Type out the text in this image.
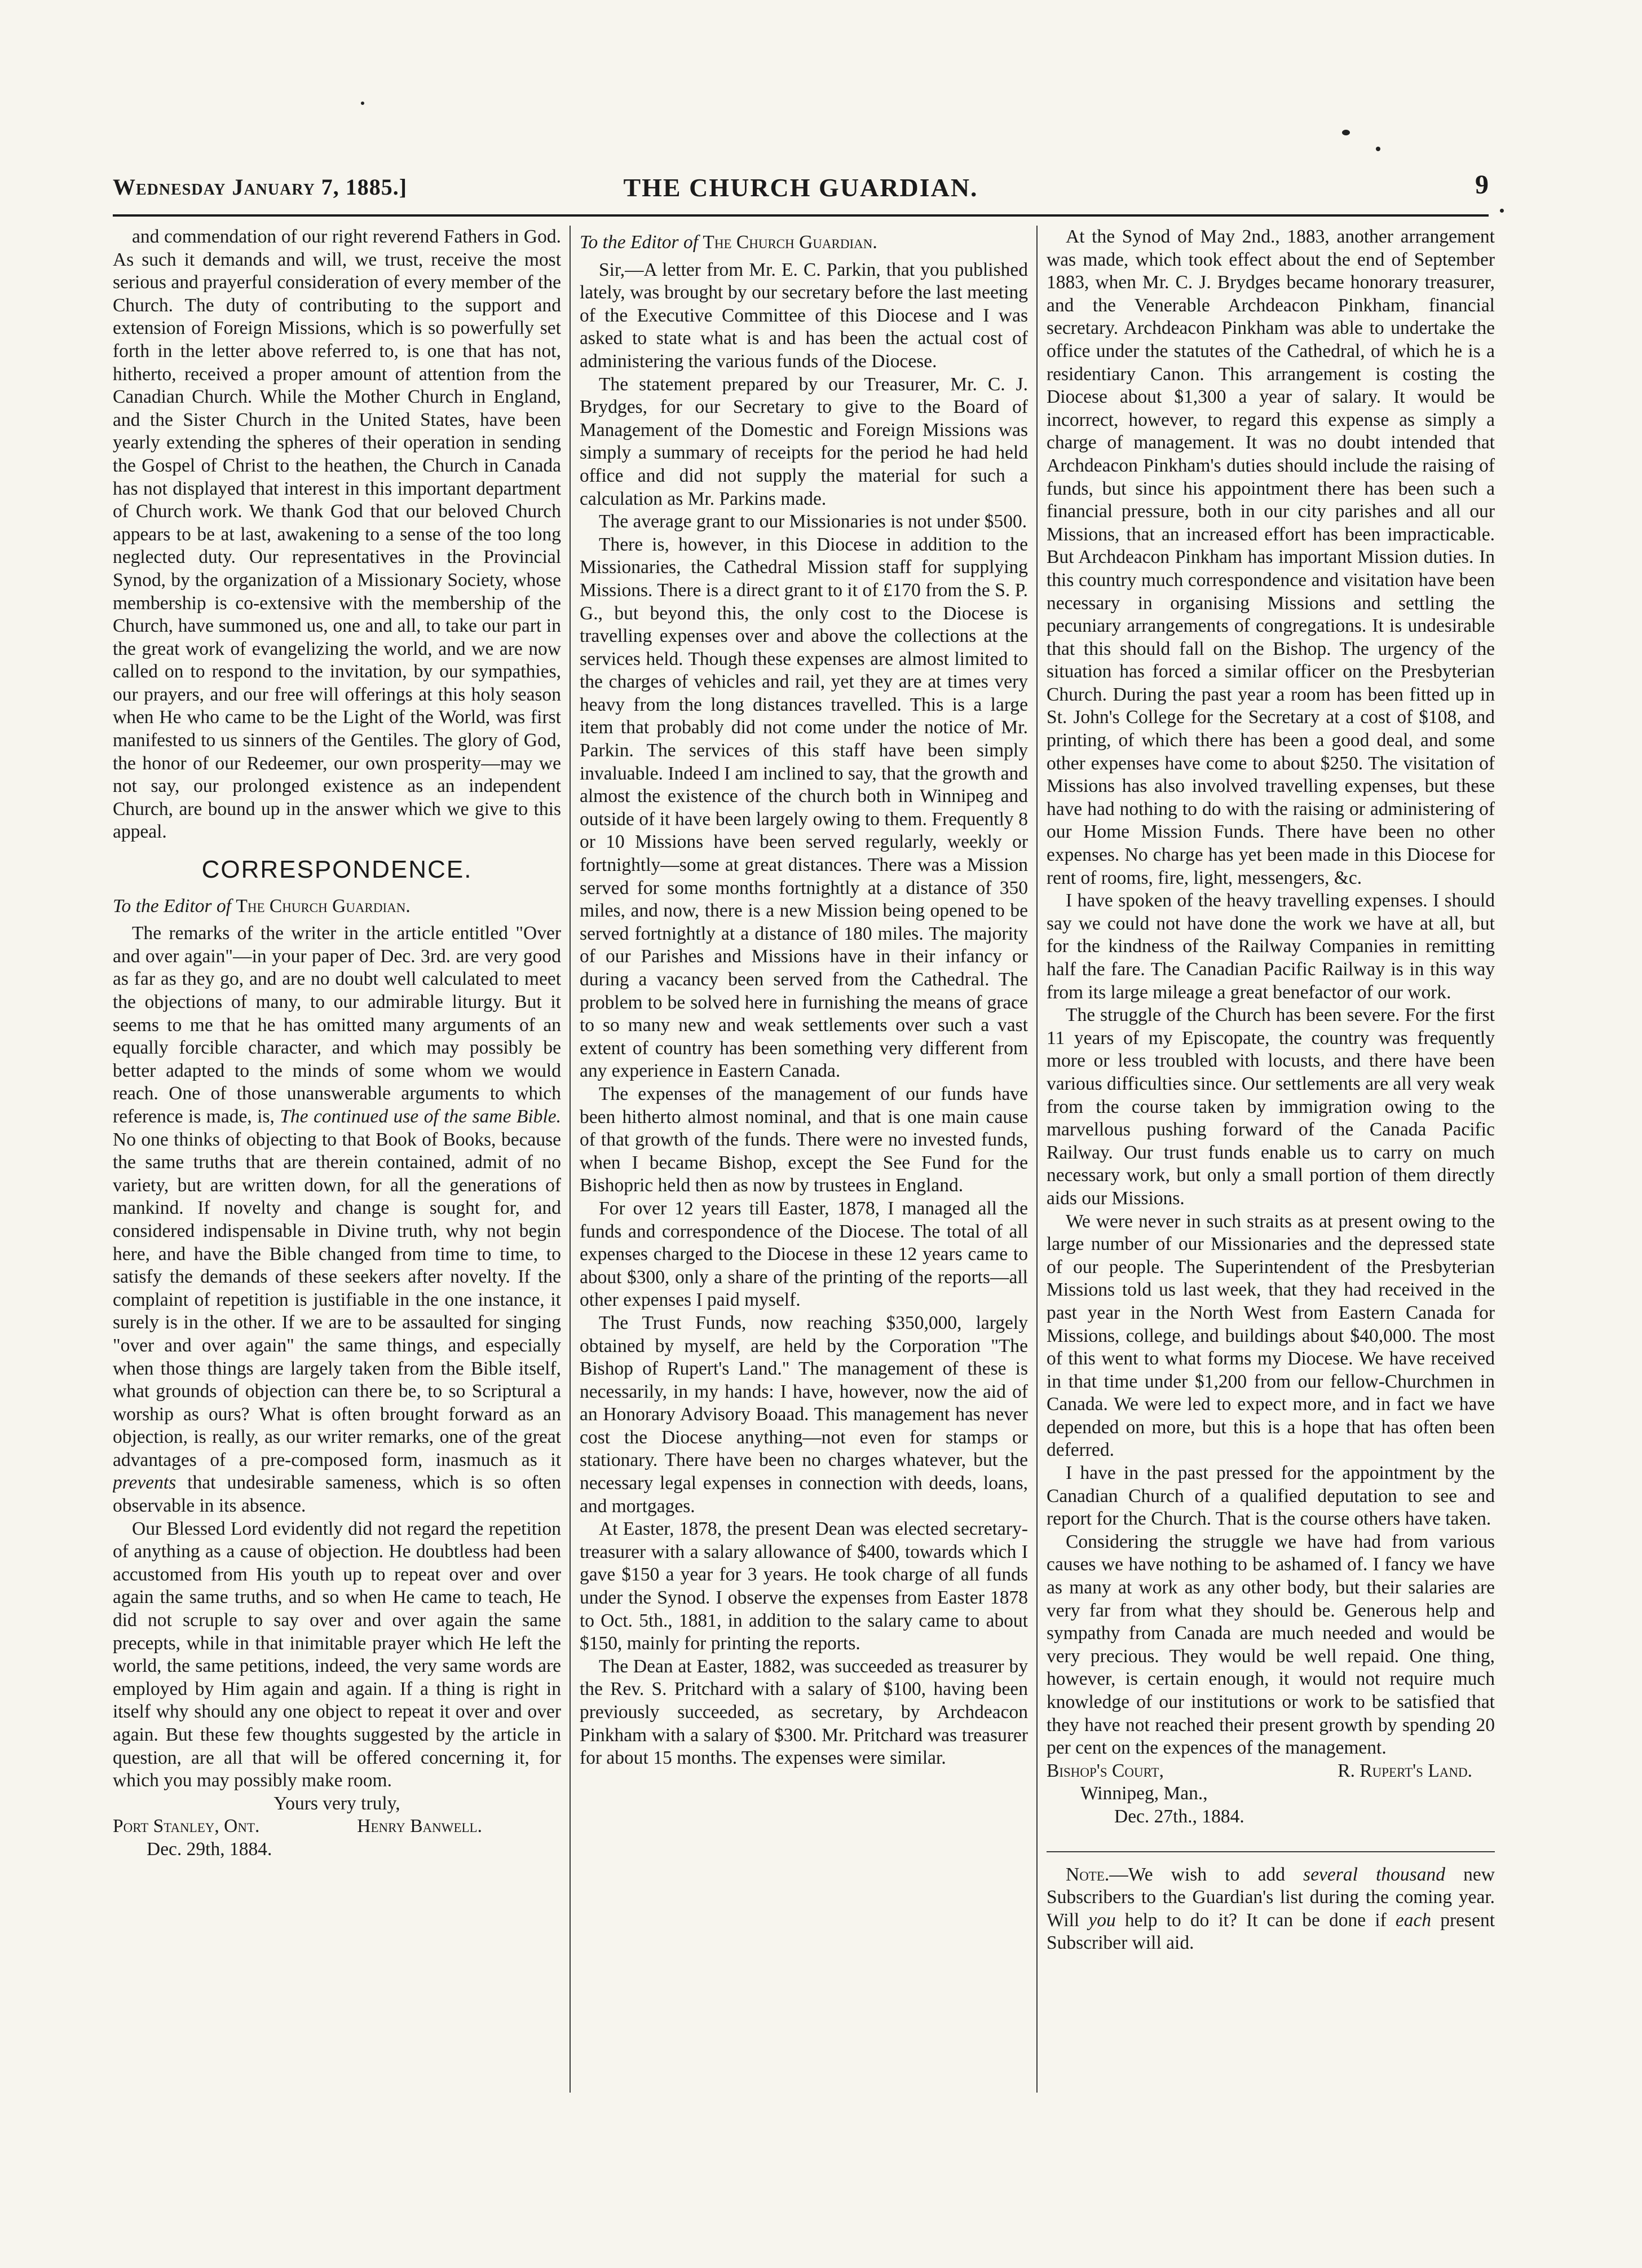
Wednesday January 7, 1885.]	THE CHURCH GUARDIAN.	9

and commendation of our right reverend Fathers in God. As such it demands and will, we trust, receive the most serious and prayerful consideration of every member of the Church. The duty of contributing to the support and extension of Foreign Missions, which is so powerfully set forth in the letter above referred to, is one that has not, hitherto, received a proper amount of attention from the Canadian Church. While the Mother Church in England, and the Sister Church in the United States, have been yearly extending the spheres of their operation in sending the Gospel of Christ to the heathen, the Church in Canada has not displayed that interest in this important department of Church work. We thank God that our beloved Church appears to be at last, awakening to a sense of the too long neglected duty. Our representatives in the Provincial Synod, by the organization of a Missionary Society, whose membership is co-extensive with the membership of the Church, have summoned us, one and all, to take our part in the great work of evangelizing the world, and we are now called on to respond to the invitation, by our sympathies, our prayers, and our free will offerings at this holy season when He who came to be the Light of the World, was first manifested to us sinners of the Gentiles. The glory of God, the honor of our Redeemer, our own prosperity—may we not say, our prolonged existence as an independent Church, are bound up in the answer which we give to this appeal.

CORRESPONDENCE.

To the Editor of The Church Guardian.

The remarks of the writer in the article entitled "Over and over again"—in your paper of Dec. 3rd. are very good as far as they go, and are no doubt well calculated to meet the objections of many, to our admirable liturgy. But it seems to me that he has omitted many arguments of an equally forcible character, and which may possibly be better adapted to the minds of some whom we would reach. One of those unanswerable arguments to which reference is made, is, The continued use of the same Bible. No one thinks of objecting to that Book of Books, because the same truths that are therein contained, admit of no variety, but are written down, for all the generations of mankind. If novelty and change is sought for, and considered indispensable in Divine truth, why not begin here, and have the Bible changed from time to time, to satisfy the demands of these seekers after novelty. If the complaint of repetition is justifiable in the one instance, it surely is in the other. If we are to be assaulted for singing "over and over again" the same things, and especially when those things are largely taken from the Bible itself, what grounds of objection can there be, to so Scriptural a worship as ours? What is often brought forward as an objection, is really, as our writer remarks, one of the great advantages of a pre-composed form, inasmuch as it prevents that undesirable sameness, which is so often observable in its absence.

Our Blessed Lord evidently did not regard the repetition of anything as a cause of objection. He doubtless had been accustomed from His youth up to repeat over and over again the same truths, and so when He came to teach, He did not scruple to say over and over again the same precepts, while in that inimitable prayer which He left the world, the same petitions, indeed, the very same words are employed by Him again and again. If a thing is right in itself why should any one object to repeat it over and over again. But these few thoughts suggested by the article in question, are all that will be offered concerning it, for which you may possibly make room.

Yours very truly,

Port Stanley, Ont.	Henry Banwell.

Dec. 29th, 1884.

To the Editor of The Church Guardian.

Sir,—A letter from Mr. E. C. Parkin, that you published lately, was brought by our secretary before the last meeting of the Executive Committee of this Diocese and I was asked to state what is and has been the actual cost of administering the various funds of the Diocese.

The statement prepared by our Treasurer, Mr. C. J. Brydges, for our Secretary to give to the Board of Management of the Domestic and Foreign Missions was simply a summary of receipts for the period he had held office and did not supply the material for such a calculation as Mr. Parkins made.

The average grant to our Missionaries is not under $500.

There is, however, in this Diocese in addition to the Missionaries, the Cathedral Mission staff for supplying Missions. There is a direct grant to it of £170 from the S. P. G., but beyond this, the only cost to the Diocese is travelling expenses over and above the collections at the services held. Though these expenses are almost limited to the charges of vehicles and rail, yet they are at times very heavy from the long distances travelled. This is a large item that probably did not come under the notice of Mr. Parkin. The services of this staff have been simply invaluable. Indeed I am inclined to say, that the growth and almost the existence of the church both in Winnipeg and outside of it have been largely owing to them. Frequently 8 or 10 Missions have been served regularly, weekly or fortnightly—some at great distances. There was a Mission served for some months fortnightly at a distance of 350 miles, and now, there is a new Mission being opened to be served fortnightly at a distance of 180 miles. The majority of our Parishes and Missions have in their infancy or during a vacancy been served from the Cathedral. The problem to be solved here in furnishing the means of grace to so many new and weak settlements over such a vast extent of country has been something very different from any experience in Eastern Canada.

The expenses of the management of our funds have been hitherto almost nominal, and that is one main cause of that growth of the funds. There were no invested funds, when I became Bishop, except the See Fund for the Bishopric held then as now by trustees in England.

For over 12 years till Easter, 1878, I managed all the funds and correspondence of the Diocese. The total of all expenses charged to the Diocese in these 12 years came to about $300, only a share of the printing of the reports—all other expenses I paid myself.

The Trust Funds, now reaching $350,000, largely obtained by myself, are held by the Corporation "The Bishop of Rupert's Land." The management of these is necessarily, in my hands: I have, however, now the aid of an Honorary Advisory Boaad. This management has never cost the Diocese anything—not even for stamps or stationary. There have been no charges whatever, but the necessary legal expenses in connection with deeds, loans, and mortgages.

At Easter, 1878, the present Dean was elected secretary-treasurer with a salary allowance of $400, towards which I gave $150 a year for 3 years. He took charge of all funds under the Synod. I observe the expenses from Easter 1878 to Oct. 5th., 1881, in addition to the salary came to about $150, mainly for printing the reports.

The Dean at Easter, 1882, was succeeded as treasurer by the Rev. S. Pritchard with a salary of $100, having been previously succeeded, as secretary, by Archdeacon Pinkham with a salary of $300. Mr. Pritchard was treasurer for about 15 months. The expenses were similar.

At the Synod of May 2nd., 1883, another arrangement was made, which took effect about the end of September 1883, when Mr. C. J. Brydges became honorary treasurer, and the Venerable Archdeacon Pinkham, financial secretary. Archdeacon Pinkham was able to undertake the office under the statutes of the Cathedral, of which he is a residentiary Canon. This arrangement is costing the Diocese about $1,300 a year of salary. It would be incorrect, however, to regard this expense as simply a charge of management. It was no doubt intended that Archdeacon Pinkham's duties should include the raising of funds, but since his appointment there has been such a financial pressure, both in our city parishes and all our Missions, that an increased effort has been impracticable. But Archdeacon Pinkham has important Mission duties. In this country much correspondence and visitation have been necessary in organising Missions and settling the pecuniary arrangements of congregations. It is undesirable that this should fall on the Bishop. The urgency of the situation has forced a similar officer on the Presbyterian Church. During the past year a room has been fitted up in St. John's College for the Secretary at a cost of $108, and printing, of which there has been a good deal, and some other expenses have come to about $250. The visitation of Missions has also involved travelling expenses, but these have had nothing to do with the raising or administering of our Home Mission Funds. There have been no other expenses. No charge has yet been made in this Diocese for rent of rooms, fire, light, messengers, &c.

I have spoken of the heavy travelling expenses. I should say we could not have done the work we have at all, but for the kindness of the Railway Companies in remitting half the fare. The Canadian Pacific Railway is in this way from its large mileage a great benefactor of our work.

The struggle of the Church has been severe. For the first 11 years of my Episcopate, the country was frequently more or less troubled with locusts, and there have been various difficulties since. Our settlements are all very weak from the course taken by immigration owing to the marvellous pushing forward of the Canada Pacific Railway. Our trust funds enable us to carry on much necessary work, but only a small portion of them directly aids our Missions.

We were never in such straits as at present owing to the large number of our Missionaries and the depressed state of our people. The Superintendent of the Presbyterian Missions told us last week, that they had received in the past year in the North West from Eastern Canada for Missions, college, and buildings about $40,000. The most of this went to what forms my Diocese. We have received in that time under $1,200 from our fellow-Churchmen in Canada. We were led to expect more, and in fact we have depended on more, but this is a hope that has often been deferred.

I have in the past pressed for the appointment by the Canadian Church of a qualified deputation to see and report for the Church. That is the course others have taken.

Considering the struggle we have had from various causes we have nothing to be ashamed of. I fancy we have as many at work as any other body, but their salaries are very far from what they should be. Generous help and sympathy from Canada are much needed and would be very precious. They would be well repaid. One thing, however, is certain enough, it would not require much knowledge of our institutions or work to be satisfied that they have not reached their present growth by spending 20 per cent on the expences of the management.

Bishop's Court,	R. Rupert's Land.

Winnipeg, Man.,

Dec. 27th., 1884.

Note.—We wish to add several thousand new Subscribers to the Guardian's list during the coming year. Will you help to do it? It can be done if each present Subscriber will aid.
